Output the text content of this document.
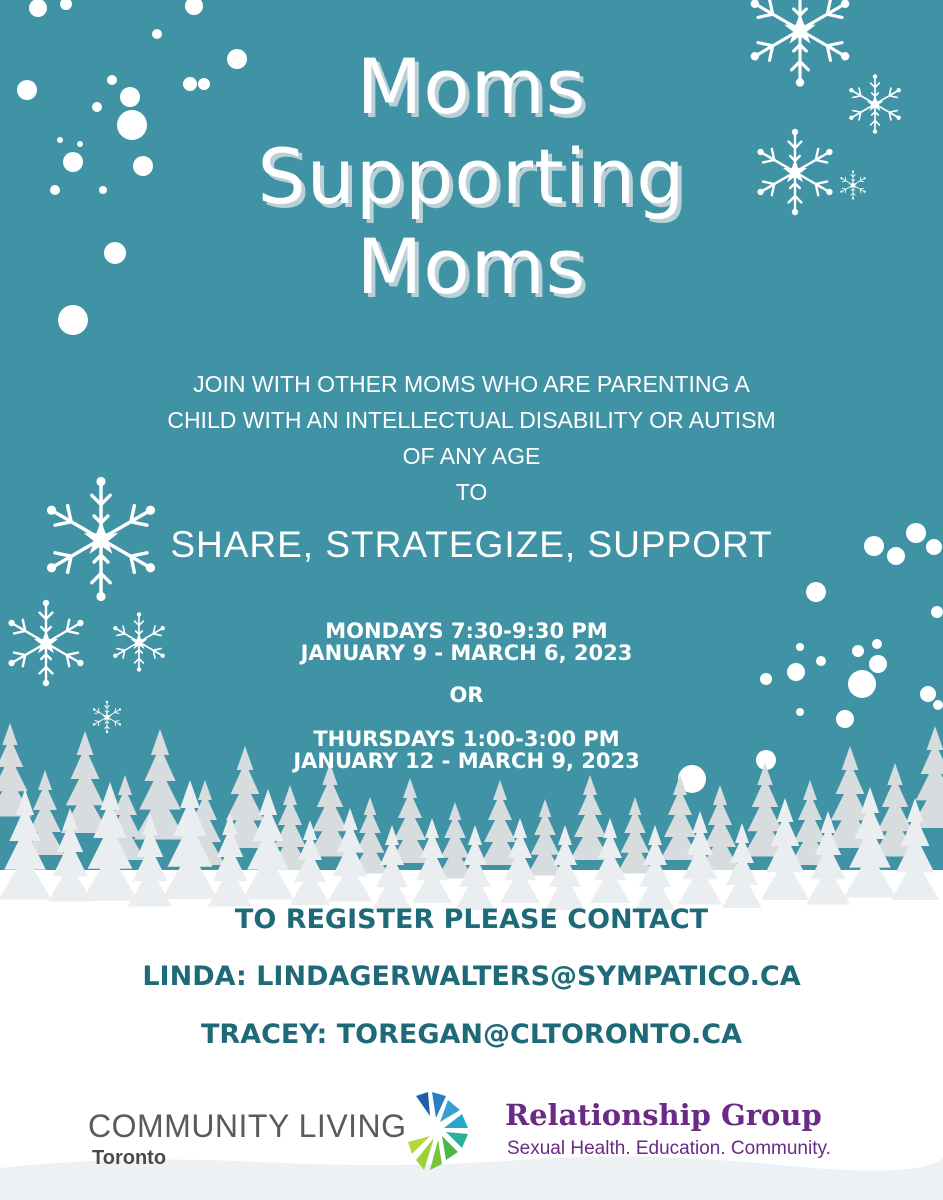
Moms
Supporting
Moms
JOIN WITH OTHER MOMS WHO ARE PARENTING A
CHILD WITH AN INTELLECTUAL DISABILITY OR AUTISM
OF ANY AGE
TO
SHARE, STRATEGIZE, SUPPORT
MONDAYS 7:30-9:30 PM
JANUARY 9 - MARCH 6, 2023
OR
THURSDAYS 1:00-3:00 PM
JANUARY 12 - MARCH 9, 2023
TO REGISTER PLEASE CONTACT
LINDA: LINDAGERWALTERS@SYMPATICO.CA
TRACEY: TOREGAN@CLTORONTO.CA
COMMUNITY LIVING
Toronto
Relationship Group
Sexual Health. Education. Community.
